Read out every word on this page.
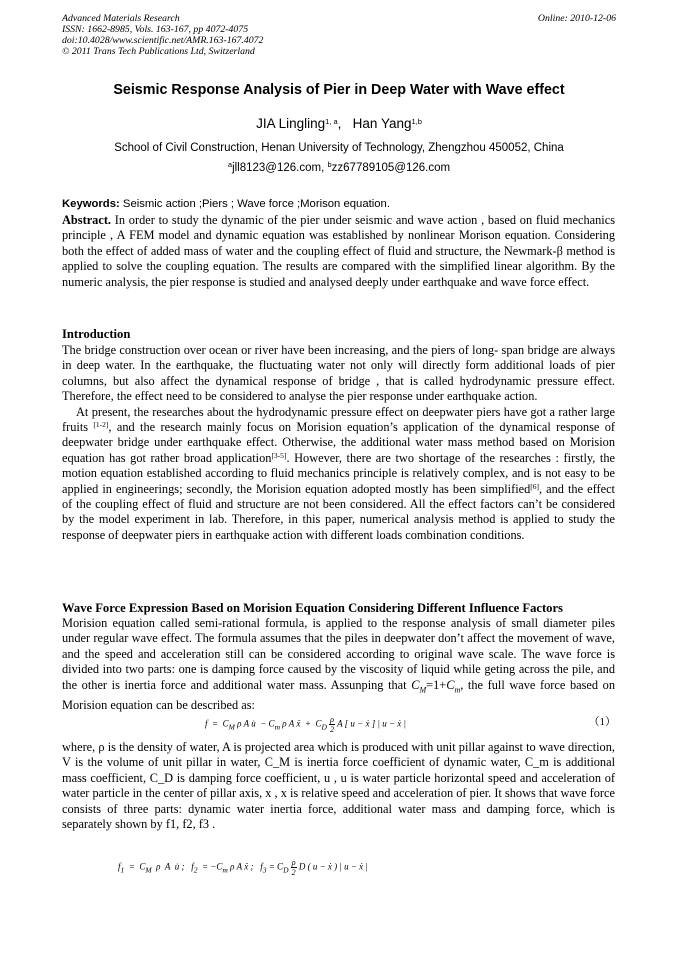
Advanced Materials Research
ISSN: 1662-8985, Vols. 163-167, pp 4072-4075
doi:10.4028/www.scientific.net/AMR.163-167.4072
© 2011 Trans Tech Publications Ltd, Switzerland
Online: 2010-12-06
Seismic Response Analysis of Pier in Deep Water with Wave effect
JIA Lingling$^{1, a}$, Han Yang$^{1,b}$
School of Civil Construction, Henan University of Technology, Zhengzhou 450052, China
$^a$jll8123@126.com, $^b$zz67789105@126.com
Keywords: Seismic action ;Piers ; Wave force ;Morison equation.
Abstract. In order to study the dynamic of the pier under seismic and wave action , based on fluid mechanics principle , A FEM model and dynamic equation was established by nonlinear Morison equation. Considering both the effect of added mass of water and the coupling effect of fluid and structure, the Newmark-β method is applied to solve the coupling equation. The results are compared with the simplified linear algorithm. By the numeric analysis, the pier response is studied and analysed deeply under earthquake and wave force effect.
Introduction
The bridge construction over ocean or river have been increasing, and the piers of long- span bridge are always in deep water. In the earthquake, the fluctuating water not only will directly form additional loads of pier columns, but also affect the dynamical response of bridge , that is called hydrodynamic pressure effect. Therefore, the effect need to be considered to analyse the pier response under earthquake action.
At present, the researches about the hydrodynamic pressure effect on deepwater piers have got a rather large fruits [1-2], and the research mainly focus on Morision equation’s application of the dynamical response of deepwater bridge under earthquake effect. Otherwise, the additional water mass method based on Morision equation has got rather broad application[3-5]. However, there are two shortage of the researches : firstly, the motion equation established according to fluid mechanics principle is relatively complex, and is not easy to be applied in engineerings; secondly, the Morision equation adopted mostly has been simplified[6], and the effect of the coupling effect of fluid and structure are not been considered. All the effect factors can’t be considered by the model experiment in lab. Therefore, in this paper, numerical analysis method is applied to study the response of deepwater piers in earthquake action with different loads combination conditions.
Wave Force Expression Based on Morision Equation Considering Different Influence Factors
Morision equation called semi-rational formula, is applied to the response analysis of small diameter piles under regular wave effect. The formula assumes that the piles in deepwater don’t affect the movement of wave, and the speed and acceleration still can be considered according to original wave scale. The wave force is divided into two parts: one is damping force caused by the viscosity of liquid while geting across the pile, and the other is inertia force and additional water mass. Assunping that $C_M=1+C_m$, the full wave force based on Morision equation can be described as:
$f = C_M$ ρ A u̇  − $C_m$ ρ A ẍ  +  $C_D \frac{\rho}{2}$ A [ u − ẋ ] | u − ẋ |	（1）
where, ρ is the density of water, A is projected area which is produced with unit pillar against to wave direction, V is the volume of unit pillar in water, C_M is inertia force coefficient of dynamic water, C_m is additional mass coefficient, C_D is damping force coefficient, u , u is water particle horizontal speed and acceleration of water particle in the center of pillar axis, x , x is relative speed and acceleration of pier. It shows that wave force consists of three parts: dynamic water inertia force, additional water mass and damping force, which is separately shown by f1, f2, f3 .
$f_1 = C_M$  ρ  A  u̇ ;   $f_2 = -C_m$ ρ A ẍ ;   $f_3 = C_D \frac{\rho}{2}$ D ( u − ẋ ) | u − ẋ |
